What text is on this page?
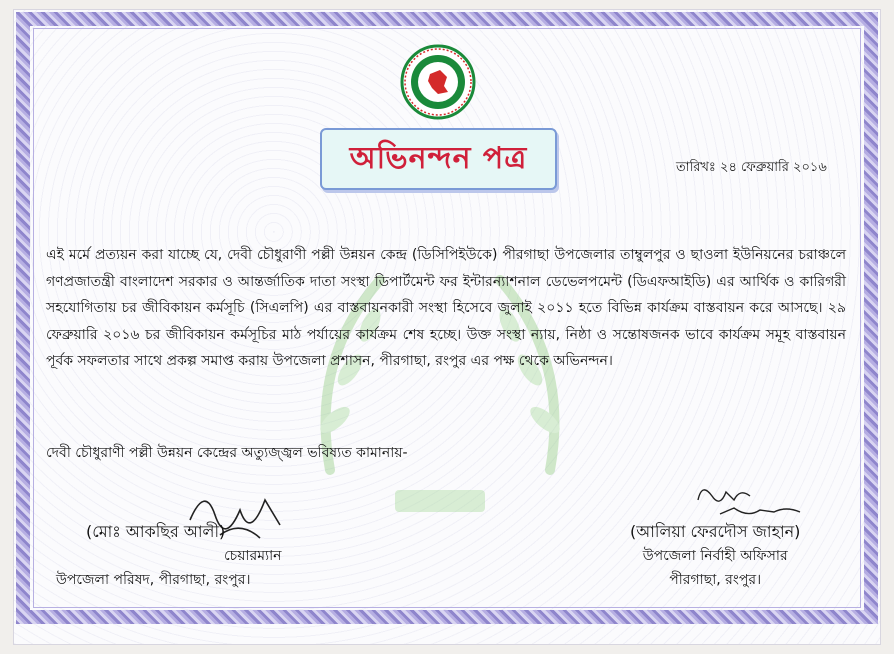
অভিনন্দন পত্র	তারিখঃ ২৪ ফেব্রুয়ারি ২০১৬
এই মর্মে প্রত্যয়ন করা যাচ্ছে যে, দেবী চৌধুরাণী পল্লী উন্নয়ন কেন্দ্র (ডিসিপিইউকে) পীরগাছা উপজেলার তাম্বুলপুর ও ছাওলা ইউনিয়নের চরাঞ্চলে গণপ্রজাতন্ত্রী বাংলাদেশ সরকার ও আন্তর্জাতিক দাতা সংস্থা ডিপার্টমেন্ট ফর ইন্টারন্যাশনাল ডেভেলপমেন্ট (ডিএফআইডি) এর আর্থিক ও কারিগরী সহযোগিতায় চর জীবিকায়ন কর্মসূচি (সিএলপি) এর বাস্তবায়নকারী সংস্থা হিসেবে জুলাই ২০১১ হতে বিভিন্ন কার্যক্রম বাস্তবায়ন করে আসছে। ২৯ ফেব্রুয়ারি ২০১৬ চর জীবিকায়ন কর্মসূচির মাঠ পর্যায়ের কার্যক্রম শেষ হচ্ছে। উক্ত সংস্থা ন্যায়, নিষ্ঠা ও সন্তোষজনক ভাবে কার্যক্রম সমূহ বাস্তবায়ন পূর্বক সফলতার সাথে প্রকল্প সমাপ্ত করায় উপজেলা প্রশাসন, পীরগাছা, রংপুর এর পক্ষ থেকে অভিনন্দন।
দেবী চৌধুরাণী পল্লী উন্নয়ন কেন্দ্রের অত্যুজ্জ্বল ভবিষ্যত কামানায়-
(মোঃ আকছির আলী)
চেয়ারম্যান
উপজেলা পরিষদ, পীরগাছা, রংপুর।
(আলিয়া ফেরদৌস জাহান)
উপজেলা নির্বাহী অফিসার
পীরগাছা, রংপুর।
